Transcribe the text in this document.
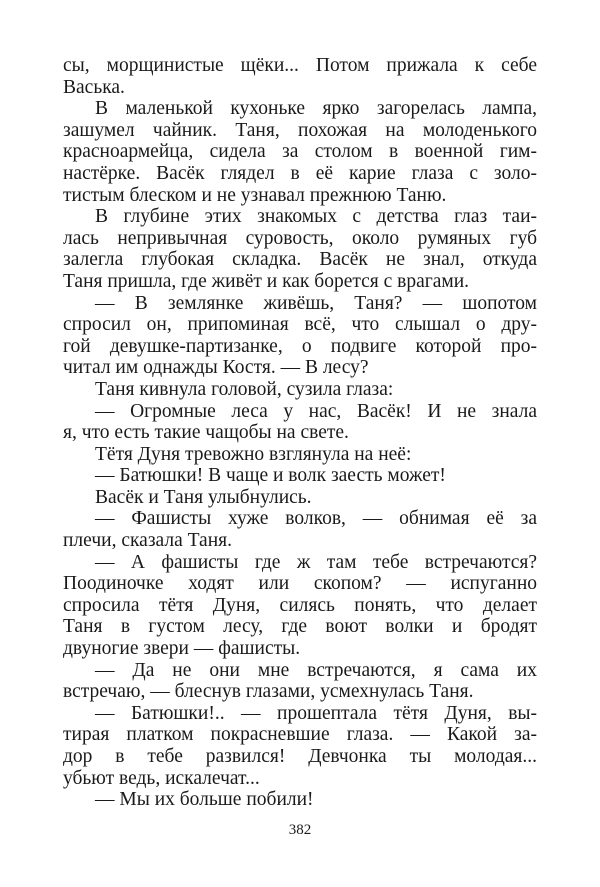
сы, морщинистые щёки... Потом прижала к себе
Васька.
В маленькой кухоньке ярко загорелась лампа,
зашумел чайник. Таня, похожая на молоденького
красноармейца, сидела за столом в военной гим-
настёрке. Васёк глядел в её карие глаза с золо-
тистым блеском и не узнавал прежнюю Таню.
В глубине этих знакомых с детства глаз таи-
лась непривычная суровость, около румяных губ
залегла глубокая складка. Васёк не знал, откуда
Таня пришла, где живёт и как борется с врагами.
— В землянке живёшь, Таня? — шопотом
спросил он, припоминая всё, что слышал о дру-
гой девушке-партизанке, о подвиге которой про-
читал им однажды Костя. — В лесу?
Таня кивнула головой, сузила глаза:
— Огромные леса у нас, Васёк! И не знала
я, что есть такие чащобы на свете.
Тётя Дуня тревожно взглянула на неё:
— Батюшки! В чаще и волк заесть может!
Васёк и Таня улыбнулись.
— Фашисты хуже волков, — обнимая её за
плечи, сказала Таня.
— А фашисты где ж там тебе встречаются?
Поодиночке ходят или скопом? — испуганно
спросила тётя Дуня, силясь понять, что делает
Таня в густом лесу, где воют волки и бродят
двуногие звери — фашисты.
— Да не они мне встречаются, я сама их
встречаю, — блеснув глазами, усмехнулась Таня.
— Батюшки!.. — прошептала тётя Дуня, вы-
тирая платком покрасневшие глаза. — Какой за-
дор в тебе развился! Девчонка ты молодая...
убьют ведь, искалечат...
— Мы их больше побили!
382
